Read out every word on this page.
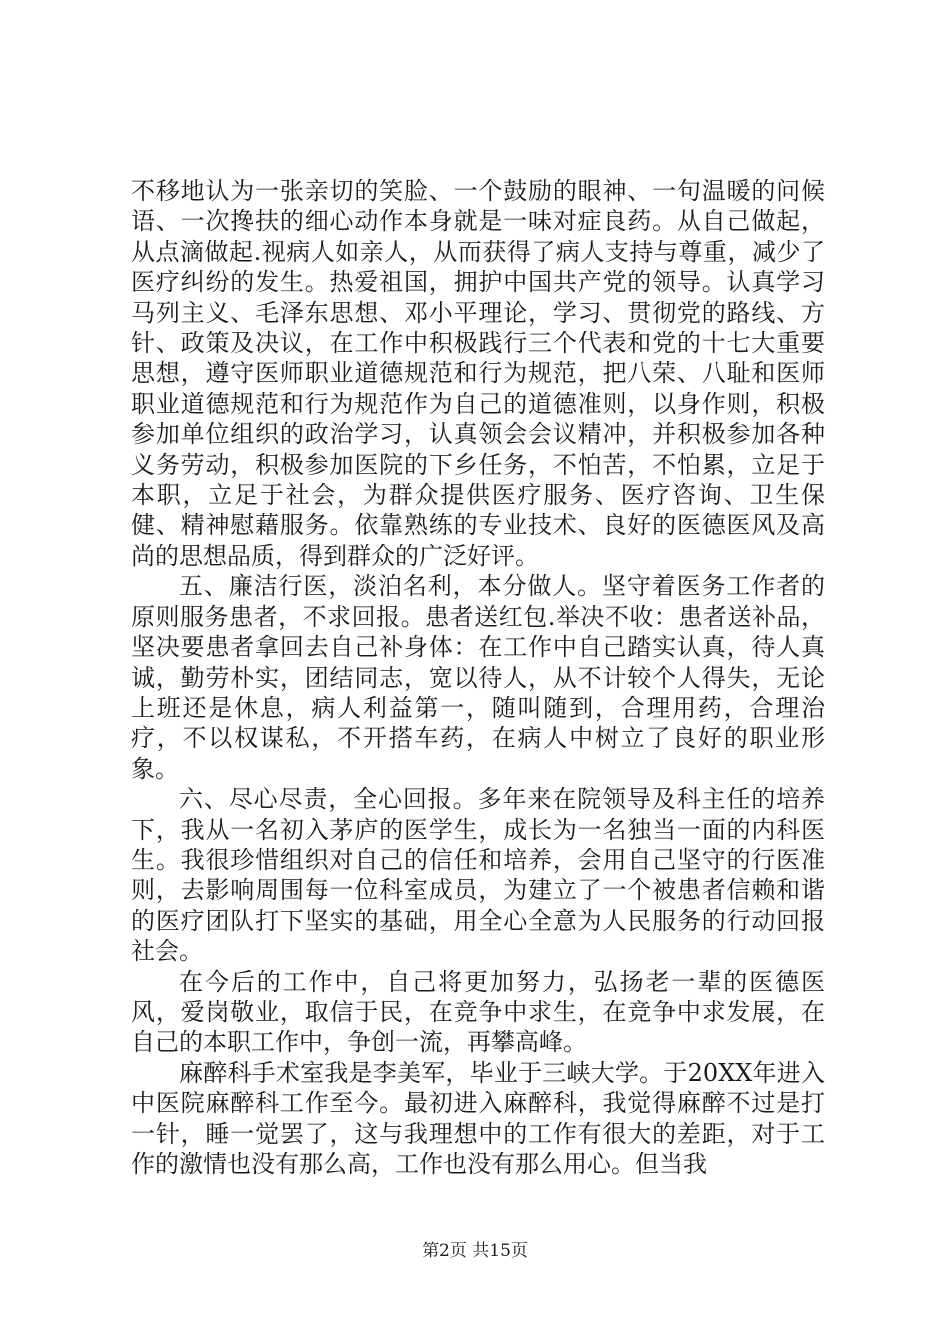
不移地认为一张亲切的笑脸、一个鼓励的眼神、一句温暖的问候语、一次搀扶的细心动作本身就是一味对症良药。从自己做起，从点滴做起.视病人如亲人，从而获得了病人支持与尊重，减少了医疗纠纷的发生。热爱祖国，拥护中国共产党的领导。认真学习马列主义、毛泽东思想、邓小平理论，学习、贯彻党的路线、方针、政策及决议，在工作中积极践行三个代表和党的十七大重要思想，遵守医师职业道德规范和行为规范，把八荣、八耻和医师职业道德规范和行为规范作为自己的道德准则，以身作则，积极参加单位组织的政治学习，认真领会会议精冲，并积极参加各种义务劳动，积极参加医院的下乡任务，不怕苦，不怕累，立足于本职，立足于社会，为群众提供医疗服务、医疗咨询、卫生保健、精神慰藉服务。依靠熟练的专业技术、良好的医德医风及高尚的思想品质，得到群众的广泛好评。

五、廉洁行医，淡泊名利，本分做人。坚守着医务工作者的原则服务患者，不求回报。患者送红包.举决不收：患者送补品，坚决要患者拿回去自己补身体：在工作中自己踏实认真，待人真诚，勤劳朴实，团结同志，宽以待人，从不计较个人得失，无论上班还是休息，病人利益第一，随叫随到，合理用药，合理治疗，不以权谋私，不开搭车药，在病人中树立了良好的职业形象。

六、尽心尽责，全心回报。多年来在院领导及科主任的培养下，我从一名初入茅庐的医学生，成长为一名独当一面的内科医生。我很珍惜组织对自己的信任和培养，会用自己坚守的行医准则，去影响周围每一位科室成员，为建立了一个被患者信赖和谐的医疗团队打下坚实的基础，用全心全意为人民服务的行动回报社会。

在今后的工作中，自己将更加努力，弘扬老一辈的医德医风，爱岗敬业，取信于民，在竞争中求生，在竞争中求发展，在自己的本职工作中，争创一流，再攀高峰。

麻醉科手术室我是李美军，毕业于三峡大学。于20XX年进入中医院麻醉科工作至今。最初进入麻醉科，我觉得麻醉不过是打一针，睡一觉罢了，这与我理想中的工作有很大的差距，对于工作的激情也没有那么高，工作也没有那么用心。但当我

第2页 共15页
